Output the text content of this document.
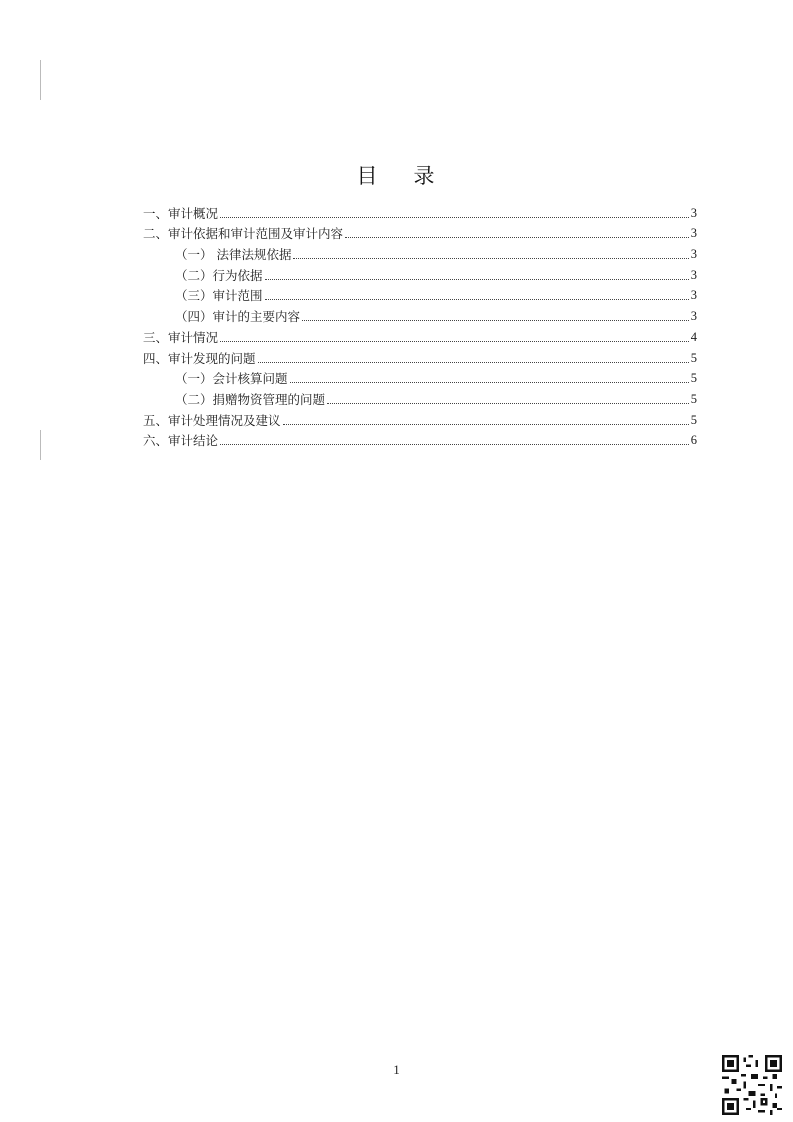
目 录
一、审计概况	3
二、审计依据和审计范围及审计内容	3
（一） 法律法规依据	3
（二）行为依据	3
（三）审计范围	3
（四）审计的主要内容	3
三、审计情况	4
四、审计发现的问题	5
（一）会计核算问题	5
（二）捐赠物资管理的问题	5
五、审计处理情况及建议	5
六、审计结论	6
1
